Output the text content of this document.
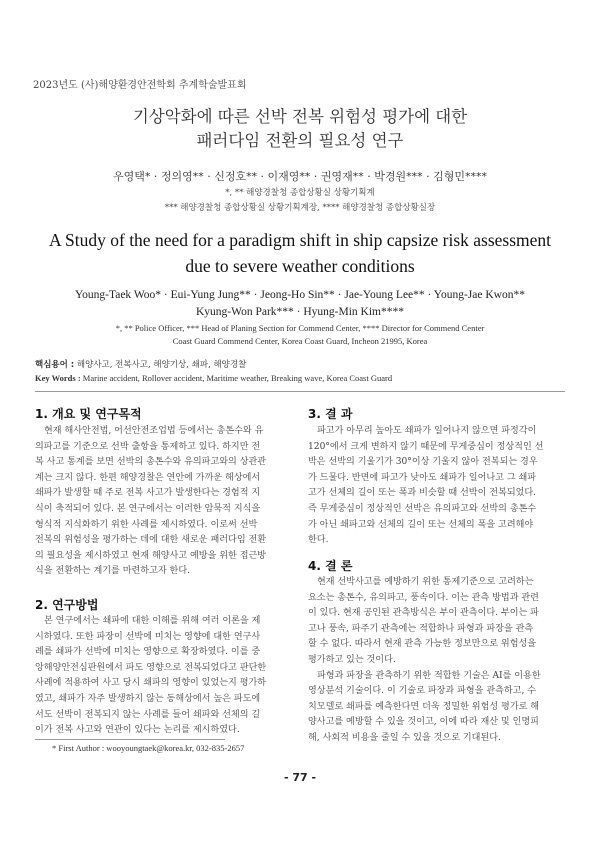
2023년도 (사)해양환경안전학회 추계학술발표회
기상악화에 따른 선박 전복 위험성 평가에 대한
패러다임 전환의 필요성 연구
우영택* · 정의영** · 신정호** · 이재영** · 권영재** · 박경원*** · 김형민****
*, ** 해양경찰청 종합상황실 상황기획계
*** 해양경찰청 종합상황실 상황기획계장, **** 해양경찰청 종합상황실장
A Study of the need for a paradigm shift in ship capsize risk assessment
due to severe weather conditions
Young-Taek Woo* · Eui-Yung Jung** · Jeong-Ho Sin** · Jae-Young Lee** · Young-Jae Kwon**
Kyung-Won Park*** · Hyung-Min Kim****
*, ** Police Officer, *** Head of Planing Section for Commend Center, **** Director for Commend Center
Coast Guard Commend Center, Korea Coast Guard, Incheon 21995, Korea
핵심용어 : 해양사고, 전복사고, 해양기상, 쇄파, 해양경찰
Key Words : Marine accident, Rollover accident, Maritime weather, Breaking wave, Korea Coast Guard
1. 개요 및 연구목적
현재 해사안전법, 어선안전조업법 등에서는 총톤수와 유
의파고를 기준으로 선박 출항을 통제하고 있다. 하지만 전
복 사고 통계를 보면 선박의 총톤수와 유의파고와의 상관관
계는 크지 않다. 한편 해양경찰은 연안에 가까운 해상에서
쇄파가 발생할 때 주로 전복 사고가 발생한다는 경험적 지
식이 축적되어 있다. 본 연구에서는 이러한 암묵적 지식을
형식적 지식화하기 위한 사례를 제시하였다. 이로써 선박
전복의 위험성을 평가하는 데에 대한 새로운 패러다임 전환
의 필요성을 제시하였고 현재 해양사고 예방을 위한 접근방
식을 전환하는 계기를 마련하고자 한다.
2. 연구방법
본 연구에서는 쇄파에 대한 이해를 위해 여러 이론을 제
시하였다. 또한 파장이 선박에 미치는 영향에 대한 연구사
례를 쇄파가 선박에 미치는 영향으로 확장하였다. 이를 중
앙해양안전심판원에서 파도 영향으로 전복되었다고 판단한
사례에 적용하여 사고 당시 쇄파의 영향이 있었는지 평가하
였고, 쇄파가 자주 발생하지 않는 동해상에서 높은 파도에
서도 선박이 전복되지 않는 사례를 들어 쇄파와 선체의 길
이가 전복 사고와 연관이 있다는 논리를 제시하였다.
3. 결 과
파고가 아무리 높아도 쇄파가 일어나지 않으면 파정각이
120°에서 크게 변하지 않기 때문에 무게중심이 정상적인 선
박은 선박의 기울기가 30°이상 기울지 않아 전복되는 경우
가 드물다. 반면에 파고가 낮아도 쇄파가 일어나고 그 쇄파
고가 선체의 길이 또는 폭과 비슷할 때 선박이 전복되었다.
즉 무게중심이 정상적인 선박은 유의파고와 선박의 총톤수
가 아닌 쇄파고와 선체의 길이 또는 선체의 폭을 고려해야
한다.
4. 결 론
현재 선박사고를 예방하기 위한 통제기준으로 고려하는
요소는 총톤수, 유의파고, 풍속이다. 이는 관측 방법과 관련
이 있다. 현재 공인된 관측방식은 부이 관측이다. 부이는 파
고나 풍속, 파주기 관측에는 적합하나 파형과 파장을 관측
할 수 없다. 따라서 현재 관측 가능한 정보만으로 위험성을
평가하고 있는 것이다.
파형과 파장을 관측하기 위한 적합한 기술은 AI를 이용한
영상분석 기술이다. 이 기술로 파장과 파형을 관측하고, 수
치모델로 쇄파를 예측한다면 더욱 정밀한 위험성 평가로 해
양사고를 예방할 수 있을 것이고, 이에 따라 재산 및 인명피
해, 사회적 비용을 줄일 수 있을 것으로 기대된다.
* First Author : wooyoungtaek@korea.kr, 032-835-2657
- 77 -
